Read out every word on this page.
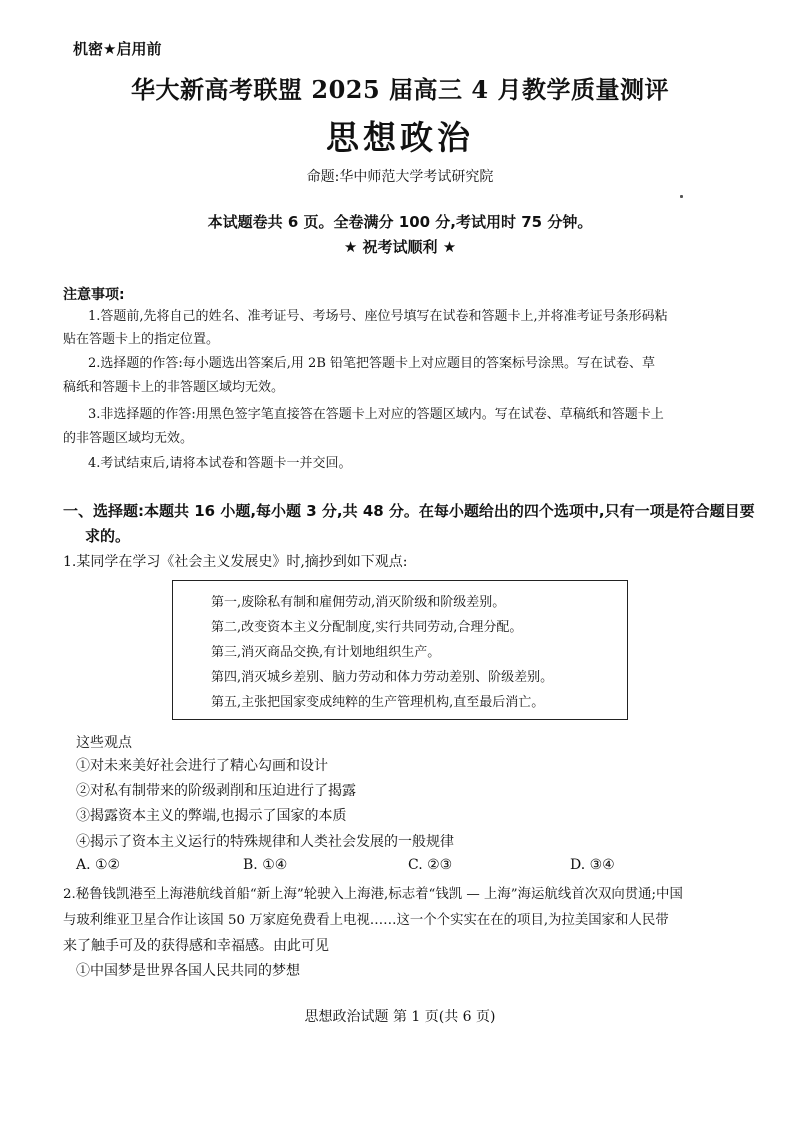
机密★启用前
华大新高考联盟 2025 届高三 4 月教学质量测评
思想政治
命题:华中师范大学考试研究院
本试题卷共 6 页。全卷满分 100 分,考试用时 75 分钟。
★ 祝考试顺利 ★
注意事项:
1.答题前,先将自己的姓名、准考证号、考场号、座位号填写在试卷和答题卡上,并将准考证号条形码粘
贴在答题卡上的指定位置。
2.选择题的作答:每小题选出答案后,用 2B 铅笔把答题卡上对应题目的答案标号涂黑。写在试卷、草
稿纸和答题卡上的非答题区域均无效。
3.非选择题的作答:用黑色签字笔直接答在答题卡上对应的答题区域内。写在试卷、草稿纸和答题卡上
的非答题区域均无效。
4.考试结束后,请将本试卷和答题卡一并交回。
一、选择题:本题共 16 小题,每小题 3 分,共 48 分。在每小题给出的四个选项中,只有一项是符合题目要
求的。
1.某同学在学习《社会主义发展史》时,摘抄到如下观点:
第一,废除私有制和雇佣劳动,消灭阶级和阶级差别。
第二,改变资本主义分配制度,实行共同劳动,合理分配。
第三,消灭商品交换,有计划地组织生产。
第四,消灭城乡差别、脑力劳动和体力劳动差别、阶级差别。
第五,主张把国家变成纯粹的生产管理机构,直至最后消亡。
这些观点
①对未来美好社会进行了精心勾画和设计
②对私有制带来的阶级剥削和压迫进行了揭露
③揭露资本主义的弊端,也揭示了国家的本质
④揭示了资本主义运行的特殊规律和人类社会发展的一般规律
A. ①②	B. ①④	C. ②③	D. ③④
2.秘鲁钱凯港至上海港航线首船“新上海”轮驶入上海港,标志着“钱凯 — 上海”海运航线首次双向贯通;中国
与玻利维亚卫星合作让该国 50 万家庭免费看上电视……这一个个实实在在的项目,为拉美国家和人民带
来了触手可及的获得感和幸福感。由此可见
①中国梦是世界各国人民共同的梦想
思想政治试题 第 1 页(共 6 页)
